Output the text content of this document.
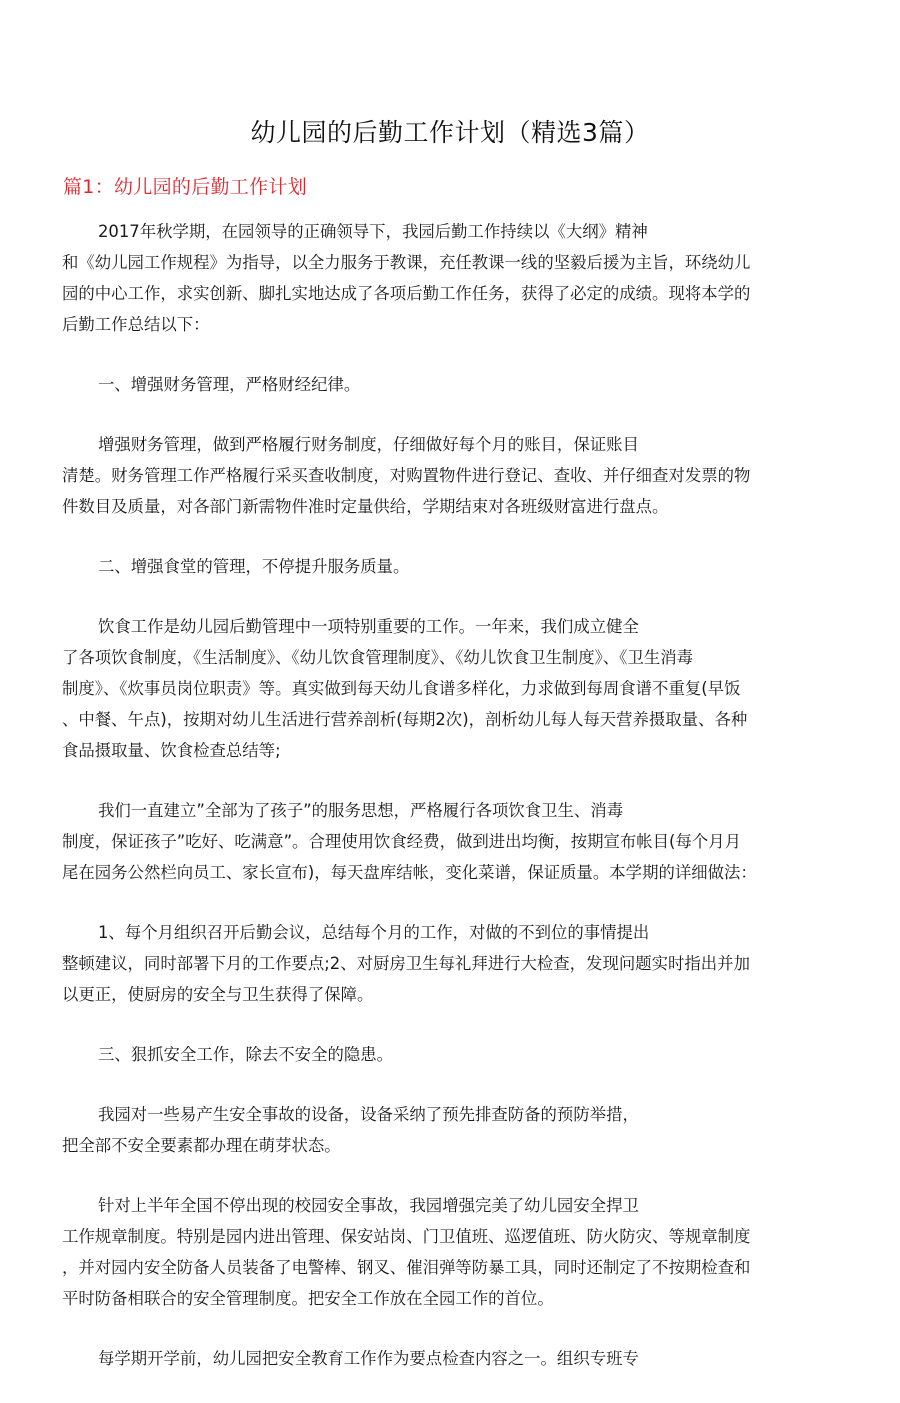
幼儿园的后勤工作计划（精选3篇）
篇1：幼儿园的后勤工作计划
2017年秋学期，在园领导的正确领导下，我园后勤工作持续以《大纲》精神
和《幼儿园工作规程》为指导，以全力服务于教课，充任教课一线的坚毅后援为主旨，环绕幼儿
园的中心工作，求实创新、脚扎实地达成了各项后勤工作任务，获得了必定的成绩。现将本学的
后勤工作总结以下：
一、增强财务管理，严格财经纪律。
增强财务管理，做到严格履行财务制度，仔细做好每个月的账目，保证账目
清楚。财务管理工作严格履行采买查收制度，对购置物件进行登记、查收、并仔细查对发票的物
件数目及质量，对各部门新需物件准时定量供给，学期结束对各班级财富进行盘点。
二、增强食堂的管理，不停提升服务质量。
饮食工作是幼儿园后勤管理中一项特别重要的工作。一年来，我们成立健全
了各项饮食制度，《生活制度》、《幼儿饮食管理制度》、《幼儿饮食卫生制度》、《卫生消毒
制度》、《炊事员岗位职责》等。真实做到每天幼儿食谱多样化，力求做到每周食谱不重复(早饭
、中餐、午点)，按期对幼儿生活进行营养剖析(每期2次)，剖析幼儿每人每天营养摄取量、各种
食品摄取量、饮食检查总结等;
我们一直建立”全部为了孩子”的服务思想，严格履行各项饮食卫生、消毒
制度，保证孩子”吃好、吃满意”。合理使用饮食经费，做到进出均衡，按期宣布帐目(每个月月
尾在园务公然栏向员工、家长宣布)，每天盘库结帐，变化菜谱，保证质量。本学期的详细做法：
1、每个月组织召开后勤会议，总结每个月的工作，对做的不到位的事情提出
整顿建议，同时部署下月的工作要点;2、对厨房卫生每礼拜进行大检查，发现问题实时指出并加
以更正，使厨房的安全与卫生获得了保障。
三、狠抓安全工作，除去不安全的隐患。
我园对一些易产生安全事故的设备，设备采纳了预先排查防备的预防举措，
把全部不安全要素都办理在萌芽状态。
针对上半年全国不停出现的校园安全事故，我园增强完美了幼儿园安全捍卫
工作规章制度。特别是园内进出管理、保安站岗、门卫值班、巡逻值班、防火防灾、等规章制度
，并对园内安全防备人员装备了电警棒、钢叉、催泪弹等防暴工具，同时还制定了不按期检查和
平时防备相联合的安全管理制度。把安全工作放在全园工作的首位。
每学期开学前，幼儿园把安全教育工作作为要点检查内容之一。组织专班专
